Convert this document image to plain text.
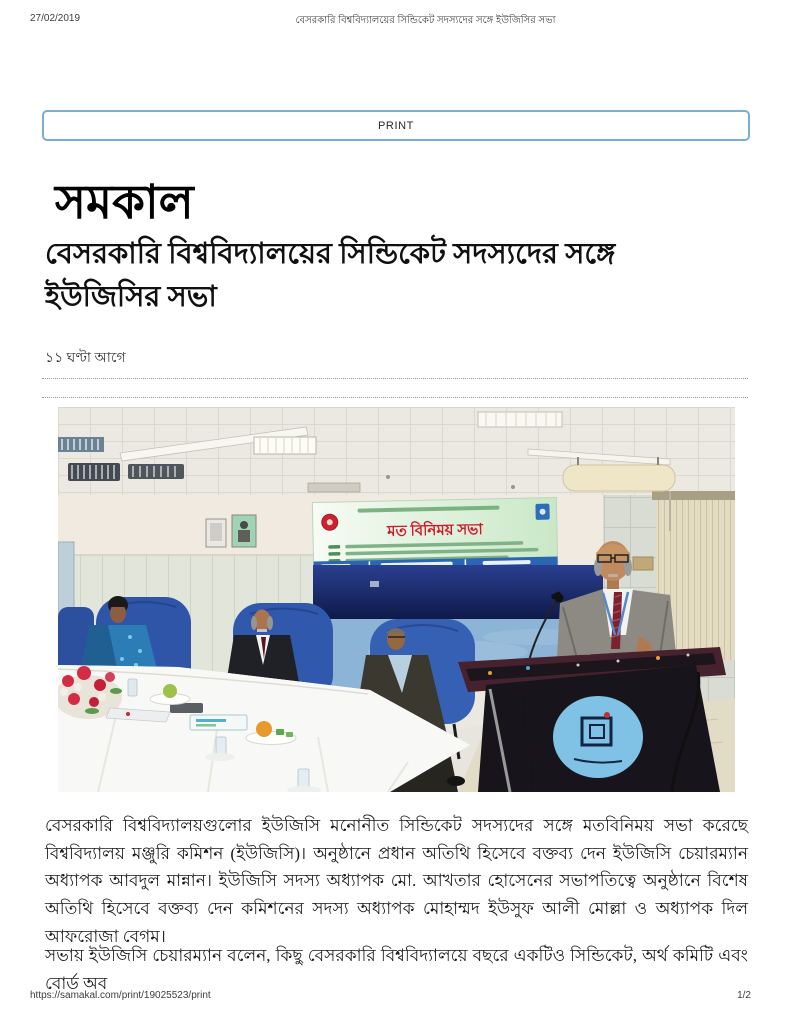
27/02/2019	বেসরকারি বিশ্ববিদ্যালয়ের সিন্ডিকেট সদস্যদের সঙ্গে ইউজিসির সভা
PRINT
সমকাল
বেসরকারি বিশ্ববিদ্যালয়ের সিন্ডিকেট সদস্যদের সঙ্গে ইউজিসির সভা
১১ ঘণ্টা আগে
মত বিনিময় সভা

বেসরকারি বিশ্ববিদ্যালয়গুলোর ইউজিসি মনোনীত সিন্ডিকেট সদস্যদের সঙ্গে মতবিনিময় সভা করেছে বিশ্ববিদ্যালয় মঞ্জুরি কমিশন (ইউজিসি)। অনুষ্ঠানে প্রধান অতিথি হিসেবে বক্তব্য দেন ইউজিসি চেয়ারম্যান অধ্যাপক আবদুল মান্নান। ইউজিসি সদস্য অধ্যাপক মো. আখতার হোসেনের সভাপতিত্বে অনুষ্ঠানে বিশেষ অতিথি হিসেবে বক্তব্য দেন কমিশনের সদস্য অধ্যাপক মোহাম্মদ ইউসুফ আলী মোল্লা ও অধ্যাপক দিল আফরোজা বেগম।

সভায় ইউজিসি চেয়ারম্যান বলেন, কিছু বেসরকারি বিশ্ববিদ্যালয়ে বছরে একটিও সিন্ডিকেট, অর্থ কমিটি এবং বোর্ড অব

https://samakal.com/print/19025523/print	1/2
